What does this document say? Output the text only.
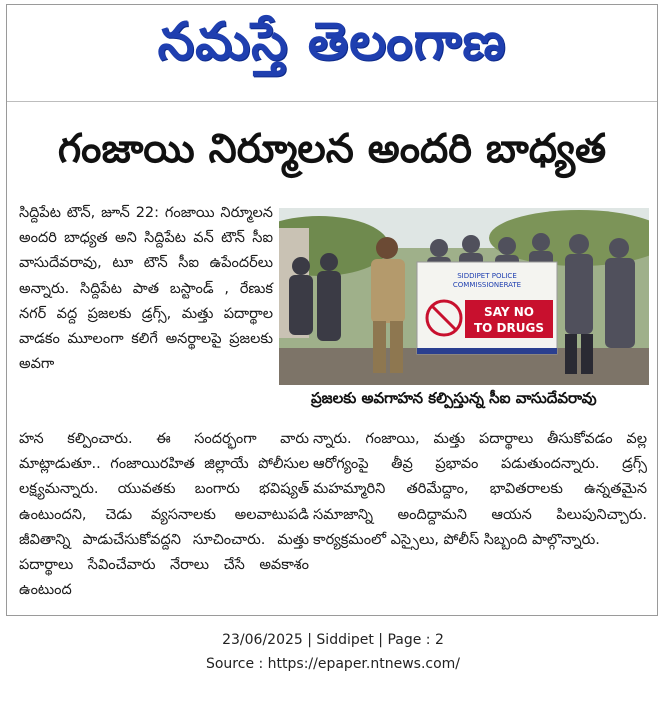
నమస్తే తెలంగాణ
గంజాయి నిర్మూలన అందరి బాధ్యత
సిద్దిపేట టౌన్, జూన్ 22: గంజాయి నిర్మూలన అందరి బాధ్యత అని సిద్దిపేట వన్ టౌన్ సీఐ వాసుదేవరావు, టూ టౌన్ సీఐ ఉపేందర్‌లు అన్నారు. సిద్దిపేట పాత బస్టాండ్ , రేణుక నగర్ వద్ద ప్రజలకు డ్రగ్స్, మత్తు పదార్థాల వాడకం మూలంగా కలిగే అనర్థాలపై ప్రజలకు అవగా
SIDDIPET POLICE
COMMISSIONERATE
SAY NO
TO DRUGS
ప్రజలకు అవగాహన కల్పిస్తున్న సీఐ వాసుదేవరావు
హన కల్పించారు. ఈ సందర్భంగా వారు మాట్లాడుతూ.. గంజాయిరహిత జిల్లాయే పోలీసుల లక్ష్యమన్నారు. యువతకు బంగారు భవిష్యత్ ఉంటుందని, చెడు వ్యసనాలకు అలవాటుపడి జీవితాన్ని పాడుచేసుకోవద్దని సూచించారు. మత్తు పదార్థాలు సేవించేవారు నేరాలు చేసే అవకాశం ఉంటుంద
న్నారు. గంజాయి, మత్తు పదార్థాలు తీసుకోవడం వల్ల ఆరోగ్యంపై తీవ్ర ప్రభావం పడుతుందన్నారు. డ్రగ్స్ మహమ్మారిని తరిమేద్దాం, భావితరాలకు ఉన్నతమైన సమాజాన్ని అందిద్దామని ఆయన పిలుపునిచ్చారు. కార్యక్రమంలో ఎస్సైలు, పోలీస్ సిబ్బంది పాల్గొన్నారు.
23/06/2025 | Siddipet | Page : 2
Source : https://epaper.ntnews.com/
